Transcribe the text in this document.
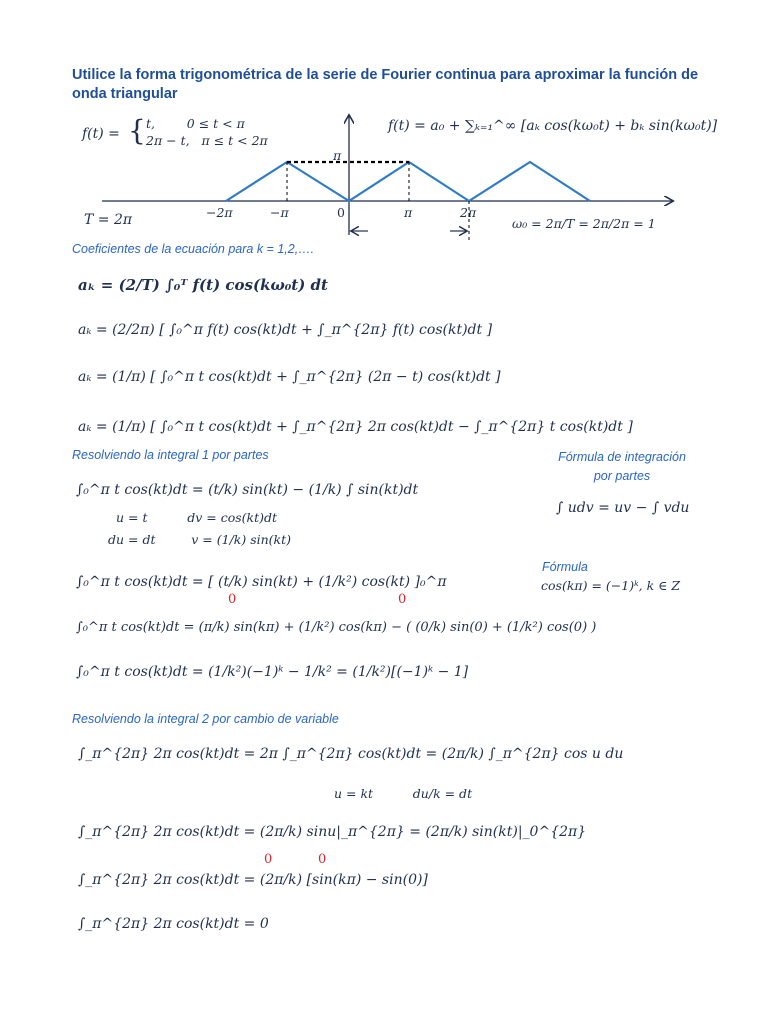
Utilice la forma trigonométrica de la serie de Fourier continua para aproximar la función de onda triangular
f(t) = { t,        0 ≤ t < π
2π − t,   π ≤ t < 2π
f(t) = a₀ + ∑ₖ₌₁^∞ [aₖ cos(kω₀t) + bₖ sin(kω₀t)]
π
−2π	−π	0	π	2π
T = 2π	ω₀ = 2π/T = 2π/2π = 1
Coeficientes de la ecuación para k = 1,2,….
aₖ = (2/T) ∫₀ᵀ f(t) cos(kω₀t) dt
aₖ = (2/2π) [ ∫₀^π f(t) cos(kt)dt + ∫_π^{2π} f(t) cos(kt)dt ]
aₖ = (1/π) [ ∫₀^π t cos(kt)dt + ∫_π^{2π} (2π − t) cos(kt)dt ]
aₖ = (1/π) [ ∫₀^π t cos(kt)dt + ∫_π^{2π} 2π cos(kt)dt − ∫_π^{2π} t cos(kt)dt ]
Resolviendo la integral 1 por partes	Fórmula de integración por partes
∫ udv = uv − ∫ vdu
Fórmula
cos(kπ) = (−1)ᵏ, k ∈ Z
∫₀^π t cos(kt)dt = (t/k) sin(kt) − (1/k) ∫ sin(kt)dt
u = t          dv = cos(kt)dt
du = dt         v = (1/k) sin(kt)
∫₀^π t cos(kt)dt = [ (t/k) sin(kt) + (1/k²) cos(kt) ]₀^π
∫₀^π t cos(kt)dt = (π/k) sin(kπ) + (1/k²) cos(kπ) − ( (0/k) sin(0) + (1/k²) cos(0) )
∫₀^π t cos(kt)dt = (1/k²)(−1)ᵏ − 1/k² = (1/k²)[(−1)ᵏ − 1]
0	0
Resolviendo la integral 2 por cambio de variable
∫_π^{2π} 2π cos(kt)dt = 2π ∫_π^{2π} cos(kt)dt = (2π/k) ∫_π^{2π} cos u du
u = kt          du/k = dt
∫_π^{2π} 2π cos(kt)dt = (2π/k) sinu|_π^{2π} = (2π/k) sin(kt)|_0^{2π}
∫_π^{2π} 2π cos(kt)dt = (2π/k) [sin(kπ) − sin(0)]
∫_π^{2π} 2π cos(kt)dt = 0
0	0
